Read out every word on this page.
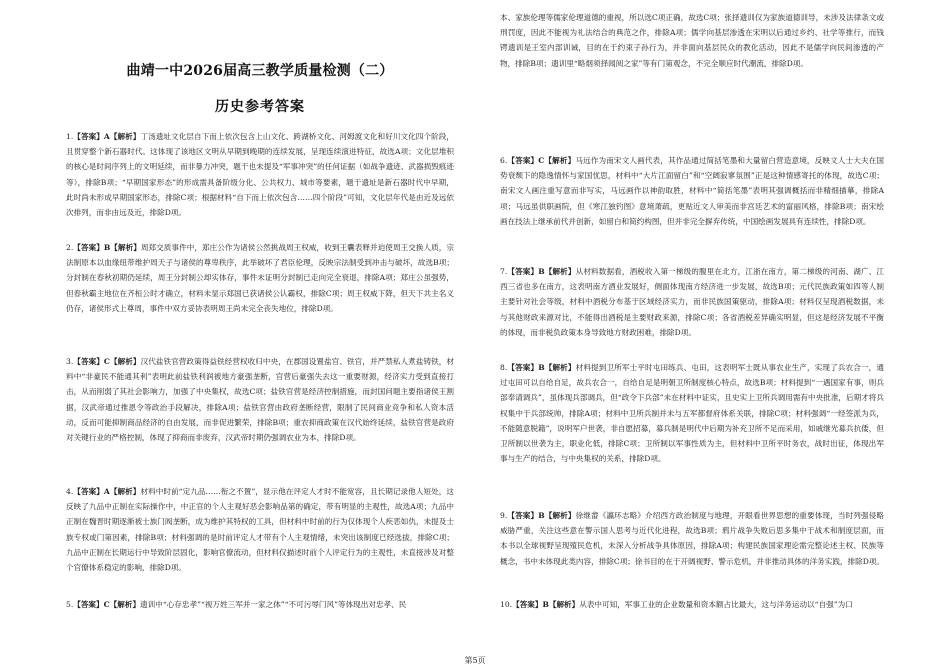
曲靖一中2026届高三教学质量检测（二）
历史参考答案
1.【答案】A【解析】丁汤遗址文化层自下而上依次包含上山文化、跨湖桥文化、河姆渡文化和好川文化四个阶段，且贯穿整个新石器时代。这体现了该地区文明从早期到晚期的连续发展，呈现连续演进特征，故选A项；文化层堆积的核心是时间序列上的文明延续，而非暴力冲突，题干也未提及“军事冲突”的任何证据（如战争遗迹、武器损毁痕迹等），排除B项；“早期国家形态”的形成需具备阶级分化、公共权力、城市等要素，题干遗址是新石器时代中早期，此时尚未形成早期国家形态，排除C项；根据材料“自下而上依次包含……四个阶段”可知，文化层年代是由近及远依次排列，而非由远及近，排除D项。
2.【答案】B【解析】周郑交质事件中，郑庄公作为诸侯公然挑战周王权威，收到王囊表释并迫使周王交换人质，宗法制原本以血缘纽带维护周天子与诸侯的尊卑秩序，此举破坏了君臣伦理，反映宗法制受到冲击与破坏，故选B项；分封制在春秋初期仍延续，周王分封制公却实体存，事件未证明分封制已走向完全衰退，排除A项；郑庄公虽强势，但春秋霸主地位在齐桓公时才确立，材料未显示郑国已获诸侯公认霸权，排除C项；周王权威下降，但天下共主名义仍存，诸侯形式上尊周，事件中双方妥协表明周王尚未完全丧失地位，排除D项。
3.【答案】C【解析】汉代盐铁官营政策得益铁经营权收归中央，在郡国设置盐官、铁官，并严禁私人煮盐铸铁，材料中“非豪民不能通其利”表明此前盐铁利润被地方豪强垄断，官营后豪强失去这一重要财源，经济实力受到直接打击，从而削弱了其社会影响力，加强了中央集权，故选C项；盐铁官营是经济控制措施，而封国问题主要指诸侯王割据，汉武帝通过推恩令等政治手段解决，排除A项；盐铁官营由政府垄断经营，限制了民间商业竞争和私人资本活动，反而可能抑制商品经济的自由发展，而非促进繁荣，排除B项；重农抑商政策在汉代始终延续，盐铁官营是政府对关键行业的严格控制，体现了抑商而非废弃，汉武帝时期仍强调农业为本，排除D项。
4.【答案】A【解析】材料中时前“定九品……衔之不置”，显示他在评定人才时不能宽容，且长期记录他人短处，这反映了九品中正制在实际操作中，中正官的个人主观好恶会影响品第的确定，带有明显的主观性，故选A项；九品中正制在魏晋时期逐渐被士族门阀垄断，成为维护其特权的工具，但材料中时前的行为仅体现个人疾恶如仇，未提及士族专权或门第因素，排除B项；材料强调的是时前评定人才带有个人主观情绪，未突出该制度已经选拔，排除C项；九品中正制在长期运行中导致阶层固化，影响官僚流动，但材料仅描述时前个人评定行为的主观性，未直接涉及对整个官僚体系稳定的影响，排除D项。
5.【答案】C【解析】遗训中“心存忠孝”“视万姓三军并一家之体”“不可污辱门风”等体现出对忠孝、民
本、家族伦理等儒家伦理道德的重视，所以选C项正确，故选C项；张择遗训仅为家族道德训导，未涉及法律条文或刑罚度，因此不能视为礼法结合的典范之作，排除A项；儒学向基层渗透在宋明以后通过乡约、社学等推行，而钱锷遗训是王室内部训诫，目的在于约束子孙行为，并非面向基层民众的教化活动，因此不是儒学向民间渗透的产物，排除B项；遗训里“略烟须择闻阅之家”等有门第观念，不完全顺应时代潮流，排除D项。
6.【答案】C【解析】马远作为南宋文人画代表，其作品通过简括笔墨和大量留白营造意境，反映文人士大夫在国势衰颓下的隐逸情怀与家国忧思，材料中“大片江面留白”和“空阔寂寥氛围”正是这种情感寄托的体现，故选C项；南宋文人画注重写意而非写实，马远画作以神韵取胜，材料中“简括笔墨”表明其强调概括而非精细描摹，排除A项；马远虽供职画院，但《寒江独钓图》意境萧疏，更贴近文人审美而非宫廷艺术的富丽风格，排除B项；南宋绘画在技法上继承前代并创新，如留白和简约构图，但并非完全摒弃传统，中国绘画发展具有连续性，排除D项。
7.【答案】B【解析】从材料数据看，酒税收入第一梯级的腹里在北方，江浙在南方，第二梯级的河南、湖广、江西三省也多在南方，这表明南方酒业发展好，侧面体现南方经济进一步发展，故选B项；元代民族政策如四等人制主要针对社会等级，材料中酒税分布基于区域经济实力，而非民族国策驱动，排除A项；材料仅呈现酒税数据，未与其他财政来源对比，不能得出酒税是主要财政来源，排除C项；各省酒税差异确实明显，但这是经济发展不平衡的体现，而非税负政策本身导致地方财政困难，排除D项。
8.【答案】B【解析】材料提到卫所军士平时屯田练兵、屯田，这表明军士既从事农业生产，实现了兵农合一，通过屯田可以自给自足，故兵农合一，自给自足是明朝卫所制度核心特点，故选B项；材料提到“一遇国家有事，则兵部奉请调兵”，虽体现兵部调兵，但“政令下兵部”未在材料中证实，且史实上卫所兵调用需有中央批准，后期才将兵权集中于兵部统帅，排除A项；材料中卫所兵制并未与五军都督府体系关联，排除C项；材料强调“一经签派为兵，不能随意脱籍”，说明军户世袭，非自愿招募，募兵制是明代中后期为补充卫所不足而采用，如戚继光募兵抗倭，但卫所制以世袭为主，职业化低，排除C项；卫所制以军事性质为主，但材料中卫所平时务农，战时出征，体现出军事与生产的结合，与中央集权的关系，排除D项。
9.【答案】B【解析】徐继畲《瀛环志略》介绍西方政治制度与地理，开眼看世界思想的重要体现，当时列强侵略威胁严重，关注这些意在警示国人思考与近代化进程，故选B项；鸦片战争失败后思多集中于战术和制度层面，而本书以全球视野呈现殖民危机，未深入分析战争具体原因，排除A项；构建民族国家理论需完整论述主权、民族等概念，书中未体现此类内容，排除C项；徐书目的在于开阔视野、警示危机，并非推动具体的洋务实践，排除D项。
10.【答案】B【解析】从表中可知，军事工业的企业数量和资本额占比最大，这与洋务运动以“自强”为口
第5页
